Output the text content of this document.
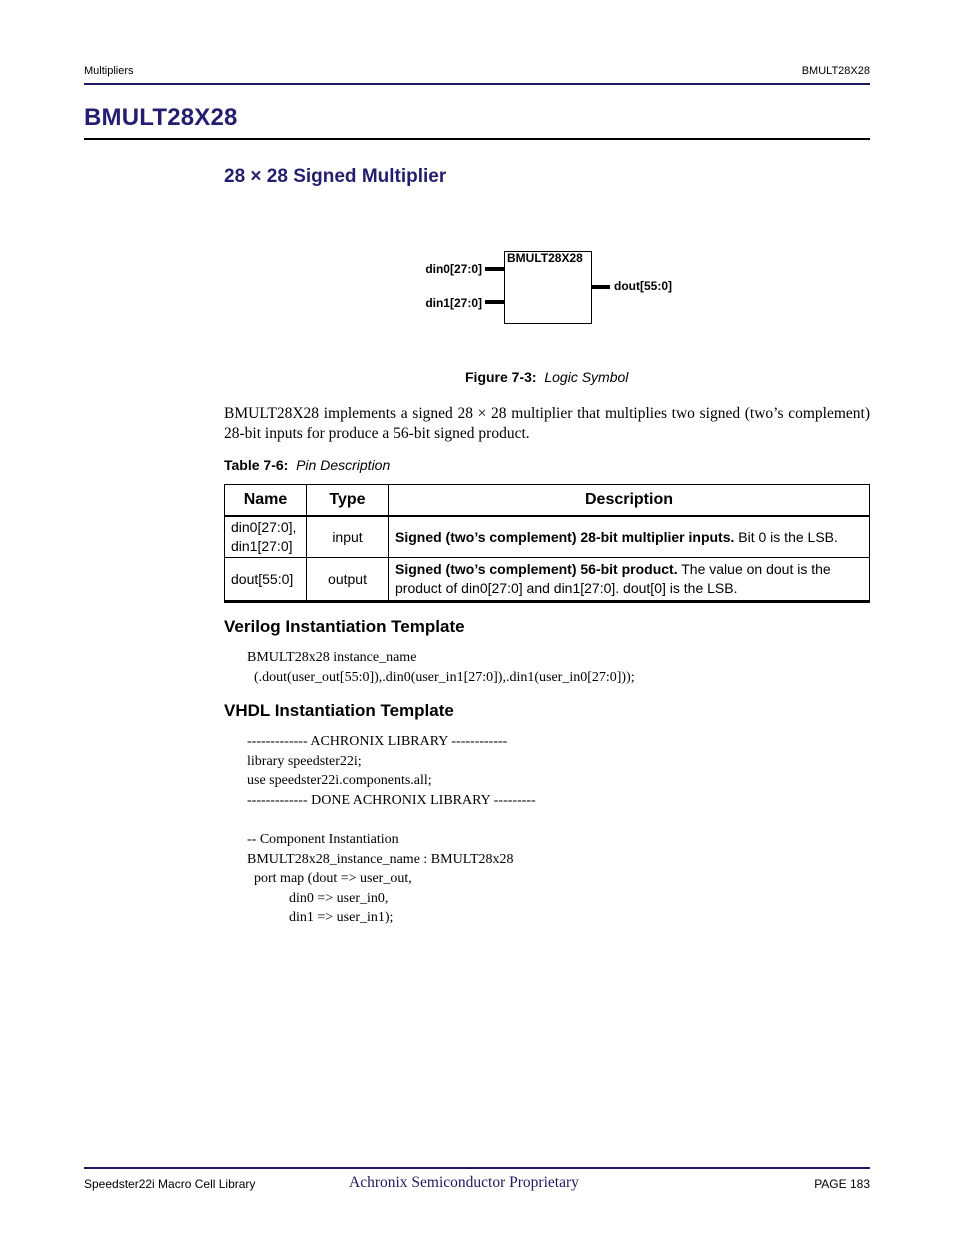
Multipliers	BMULT28X28
BMULT28X28
28 × 28 Signed Multiplier
BMULT28X28
din0[27:0]
din1[27:0]
dout[55:0]
Figure 7-3: Logic Symbol
BMULT28X28 implements a signed 28 × 28 multiplier that multiplies two signed (two’s complement) 28-bit inputs for produce a 56-bit signed product.
Table 7-6: Pin Description
Name	Type	Description
din0[27:0],
din1[27:0]	input	Signed (two’s complement) 28-bit multiplier inputs. Bit 0 is the LSB.
dout[55:0]	output	Signed (two’s complement) 56-bit product. The value on dout is the product of din0[27:0] and din1[27:0]. dout[0] is the LSB.
Verilog Instantiation Template
BMULT28x28 instance_name
(.dout(user_out[55:0]),.din0(user_in1[27:0]),.din1(user_in0[27:0]));
VHDL Instantiation Template
------------- ACHRONIX LIBRARY ------------
library speedster22i;
use speedster22i.components.all;
------------- DONE ACHRONIX LIBRARY ---------

-- Component Instantiation
BMULT28x28_instance_name : BMULT28x28
port map (dout => user_out,
din0 => user_in0,
din1 => user_in1);
Speedster22i Macro Cell Library	Achronix Semiconductor Proprietary	PAGE 183
